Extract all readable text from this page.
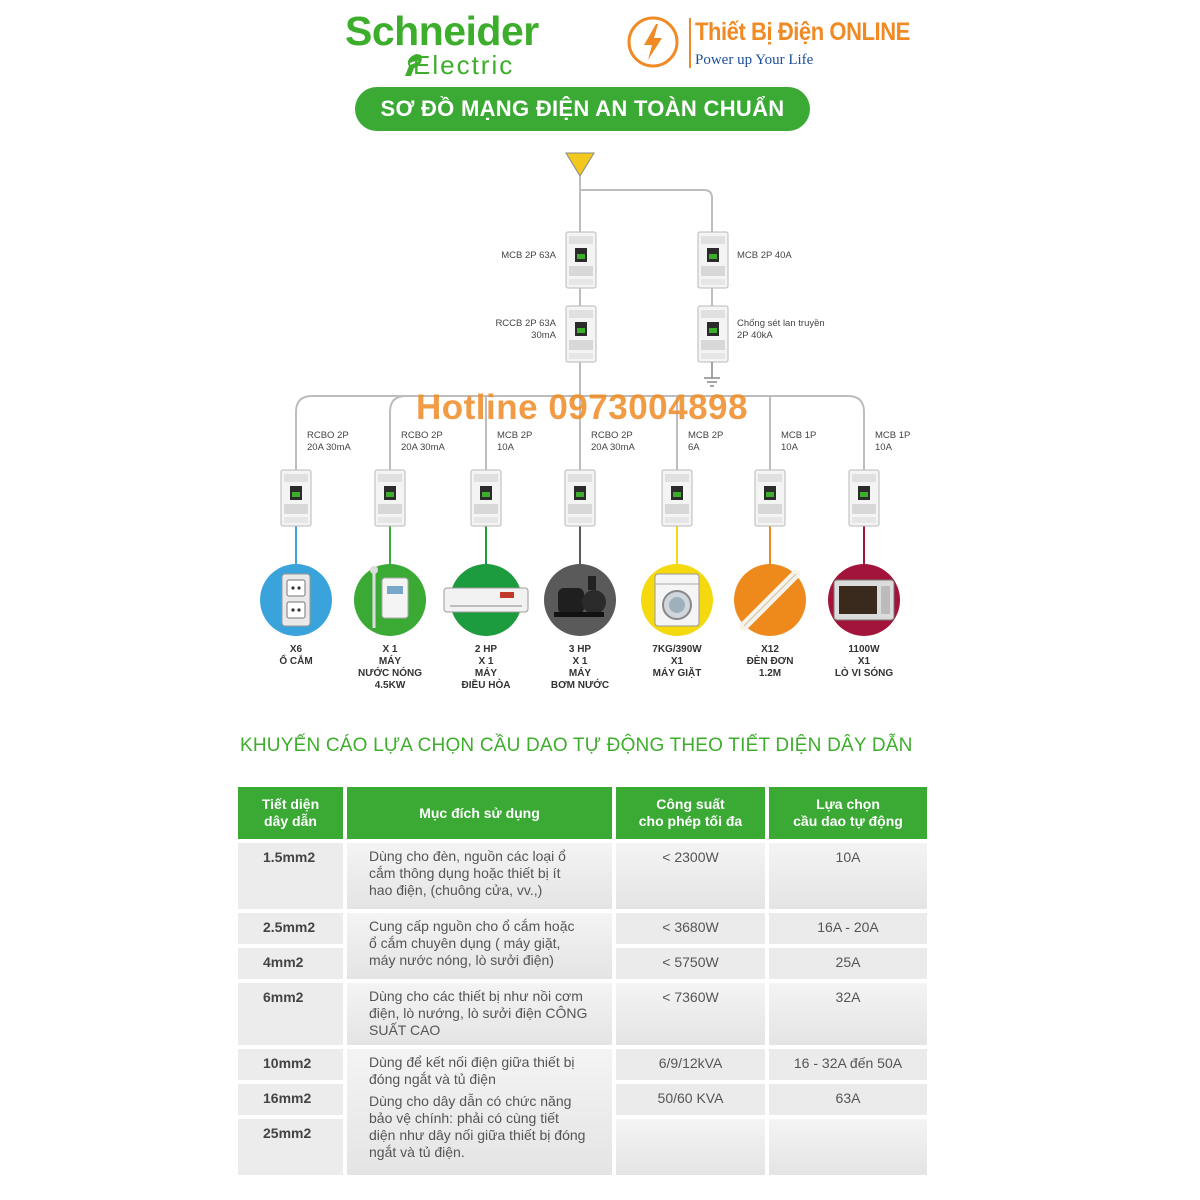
Schneider
Electric
Thiết Bị Điện ONLINE
Power up Your Life
SƠ ĐỒ MẠNG ĐIỆN AN TOÀN CHUẨN
MCB 2P 63A
RCCB 2P 63A
30mA
MCB 2P 40A
Chống sét lan truyền
2P 40kA
Hotline 0973004898
RCBO 2P
20A 30mA
X6
Ổ CẮM
RCBO 2P
20A 30mA
X 1
MÁY
NƯỚC NÓNG
4.5KW
MCB 2P
10A
2 HP
X 1
MÁY
ĐIỀU HÒA
RCBO 2P
20A 30mA
3 HP
X 1
MÁY
BƠM NƯỚC
MCB 2P
6A
7KG/390W
X1
MÁY GIẶT
MCB 1P
10A
X12
ĐÈN ĐƠN
1.2M
MCB 1P
10A
1100W
X1
LÒ VI SÓNG
KHUYẾN CÁO LỰA CHỌN CẦU DAO TỰ ĐỘNG THEO TIẾT DIỆN DÂY DẪN
Tiết diện
dây dẫn
Mục đích sử dụng
Công suất
cho phép tối đa
Lựa chọn
cầu dao tự động
1.5mm2
2.5mm2
4mm2
6mm2
10mm2
16mm2
25mm2
Dùng cho đèn, nguồn các loại ổ
cắm thông dụng hoặc thiết bị ít
hao điện, (chuông cửa, vv.,)
Cung cấp nguồn cho ổ cắm hoặc
ổ cắm chuyên dụng ( máy giặt,
máy nước nóng, lò sưởi điện)
Dùng cho các thiết bị như nồi cơm
điện, lò nướng, lò sưởi điện CÔNG
SUẤT CAO
Dùng để kết nối điện giữa thiết bị
đóng ngắt và tủ điện
Dùng cho dây dẫn có chức năng
bảo vệ chính: phải có cùng tiết
diện như dây nối giữa thiết bị đóng
ngắt và tủ điện.
< 2300W
< 3680W
< 5750W
< 7360W
6/9/12kVA
50/60 KVA
10A
16A - 20A
25A
32A
16 - 32A đến 50A
63A
